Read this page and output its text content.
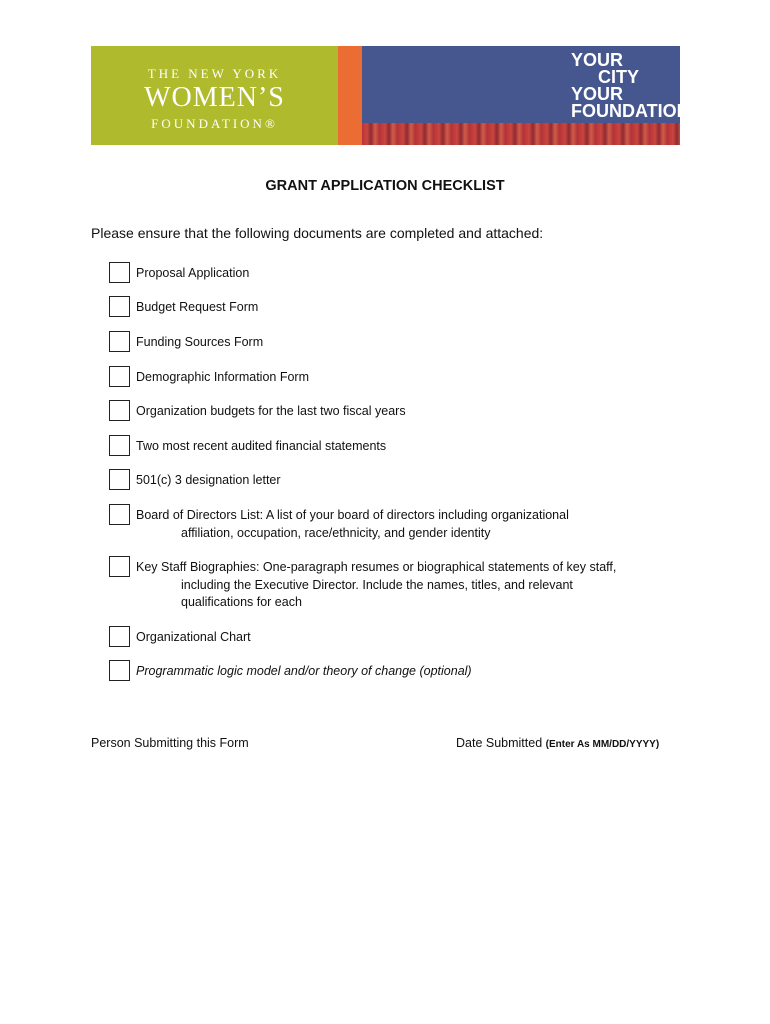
THE NEW YORK
WOMEN’S
FOUNDATION®
YOUR
CITY
YOUR
FOUNDATION
GRANT APPLICATION CHECKLIST
Please ensure that the following documents are completed and attached:
Proposal Application
Budget Request Form
Funding Sources Form
Demographic Information Form
Organization budgets for the last two fiscal years
Two most recent audited financial statements
501(c) 3 designation letter
Board of Directors List: A list of your board of directors including organizational
affiliation, occupation, race/ethnicity, and gender identity
Key Staff Biographies: One-paragraph resumes or biographical statements of key staff,
including the Executive Director. Include the names, titles, and relevant
qualifications for each
Organizational Chart
Programmatic logic model and/or theory of change (optional)
Person Submitting this Form	Date Submitted (Enter As MM/DD/YYYY)
